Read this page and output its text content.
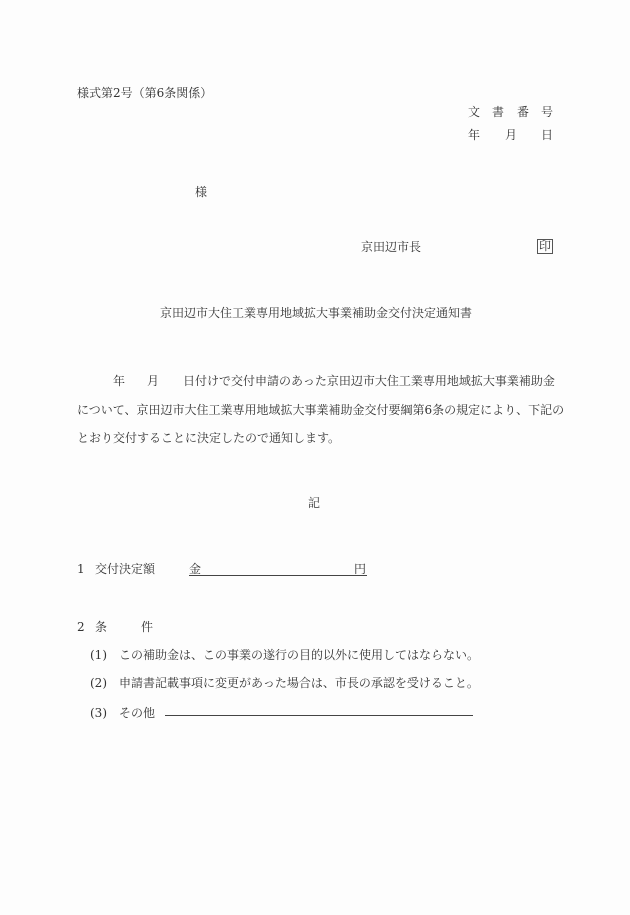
様式第2号（第6条関係）
文 書 番 号
年 月 日
様
京田辺市長	印
京田辺市大住工業専用地域拡大事業補助金交付決定通知書
年 月 日付けで交付申請のあった京田辺市大住工業専用地域拡大事業補助金
について、京田辺市大住工業専用地域拡大事業補助金交付要綱第6条の規定により、下記の
とおり交付することに決定したので通知します。
記
1 交付決定額	金	円
2 条	件
(1) この補助金は、この事業の遂行の目的以外に使用してはならない。
(2) 申請書記載事項に変更があった場合は、市長の承認を受けること。
(3) その他
